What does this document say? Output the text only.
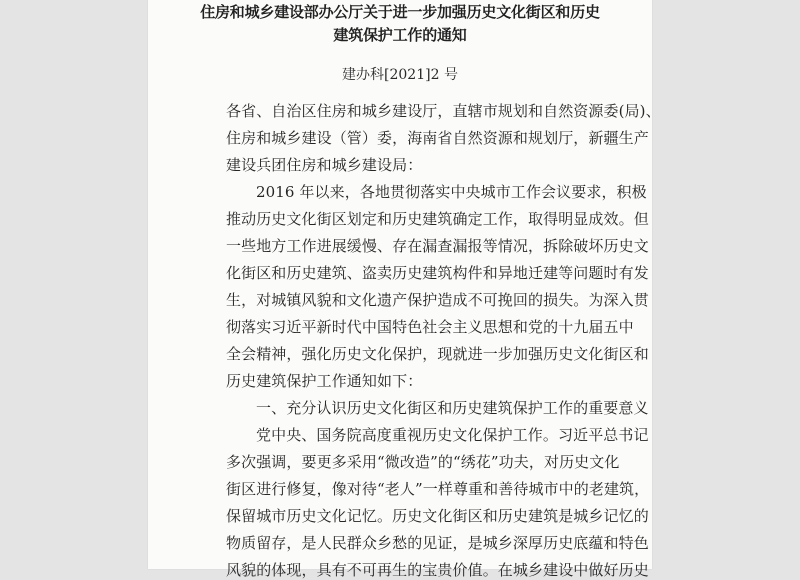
住房和城乡建设部办公厅关于进一步加强历史文化街区和历史
建筑保护工作的通知
建办科[2021]2 号
各省、自治区住房和城乡建设厅，直辖市规划和自然资源委(局)、
住房和城乡建设（管）委，海南省自然资源和规划厅，新疆生产
建设兵团住房和城乡建设局：
2016 年以来，各地贯彻落实中央城市工作会议要求，积极
推动历史文化街区划定和历史建筑确定工作，取得明显成效。但
一些地方工作进展缓慢、存在漏查漏报等情况，拆除破坏历史文
化街区和历史建筑、盗卖历史建筑构件和异地迁建等问题时有发
生，对城镇风貌和文化遗产保护造成不可挽回的损失。为深入贯
彻落实习近平新时代中国特色社会主义思想和党的十九届五中
全会精神，强化历史文化保护，现就进一步加强历史文化街区和
历史建筑保护工作通知如下：
一、充分认识历史文化街区和历史建筑保护工作的重要意义
党中央、国务院高度重视历史文化保护工作。习近平总书记
多次强调，要更多采用“微改造”的“绣花”功夫，对历史文化
街区进行修复，像对待“老人”一样尊重和善待城市中的老建筑，
保留城市历史文化记忆。历史文化街区和历史建筑是城乡记忆的
物质留存，是人民群众乡愁的见证，是城乡深厚历史底蕴和特色
风貌的体现，具有不可再生的宝贵价值。在城乡建设中做好历史
